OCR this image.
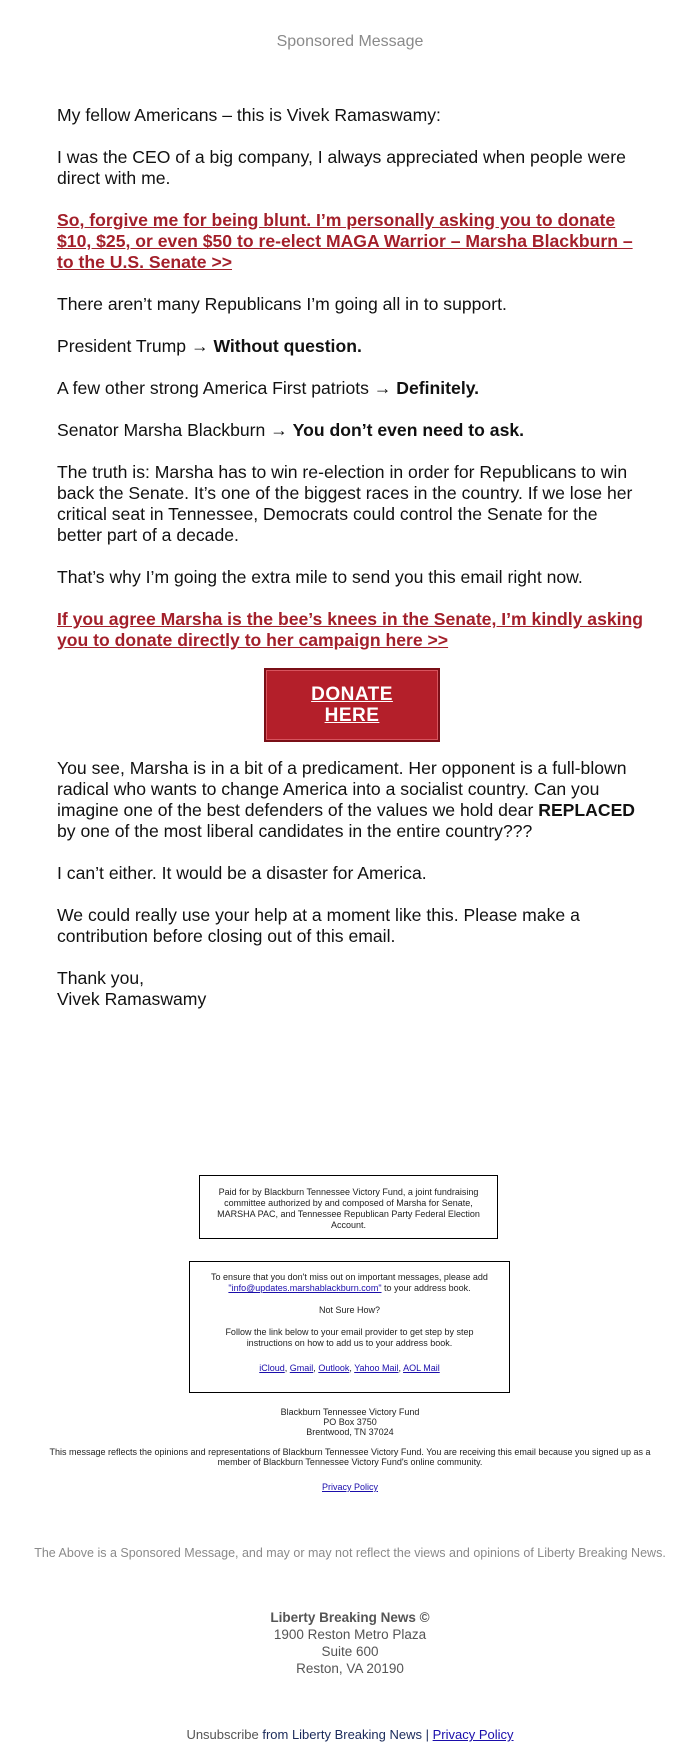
Sponsored Message

My fellow Americans – this is Vivek Ramaswamy:

I was the CEO of a big company, I always appreciated when people were direct with me.

So, forgive me for being blunt. I’m personally asking you to donate $10, $25, or even $50 to re-elect MAGA Warrior – Marsha Blackburn – to the U.S. Senate >>

There aren’t many Republicans I’m going all in to support.

President Trump → Without question.

A few other strong America First patriots → Definitely.

Senator Marsha Blackburn → You don’t even need to ask.

The truth is: Marsha has to win re-election in order for Republicans to win back the Senate. It’s one of the biggest races in the country. If we lose her critical seat in Tennessee, Democrats could control the Senate for the better part of a decade.

That’s why I’m going the extra mile to send you this email right now.

If you agree Marsha is the bee’s knees in the Senate, I’m kindly asking you to donate directly to her campaign here >>

DONATE HERE

You see, Marsha is in a bit of a predicament. Her opponent is a full-blown radical who wants to change America into a socialist country. Can you imagine one of the best defenders of the values we hold dear REPLACED by one of the most liberal candidates in the entire country???

I can’t either. It would be a disaster for America.

We could really use your help at a moment like this. Please make a contribution before closing out of this email.

Thank you,
Vivek Ramaswamy

Paid for by Blackburn Tennessee Victory Fund, a joint fundraising committee authorized by and composed of Marsha for Senate, MARSHA PAC, and Tennessee Republican Party Federal Election Account.

To ensure that you don't miss out on important messages, please add "info@updates.marshablackburn.com" to your address book.

Not Sure How?

Follow the link below to your email provider to get step by step instructions on how to add us to your address book.

iCloud, Gmail, Outlook, Yahoo Mail, AOL Mail

Blackburn Tennessee Victory Fund
PO Box 3750
Brentwood, TN 37024
This message reflects the opinions and representations of Blackburn Tennessee Victory Fund. You are receiving this email because you signed up as a member of Blackburn Tennessee Victory Fund's online community.
Privacy Policy
The Above is a Sponsored Message, and may or may not reflect the views and opinions of Liberty Breaking News.
Liberty Breaking News ©
1900 Reston Metro Plaza
Suite 600
Reston, VA 20190
Unsubscribe from Liberty Breaking News | Privacy Policy
